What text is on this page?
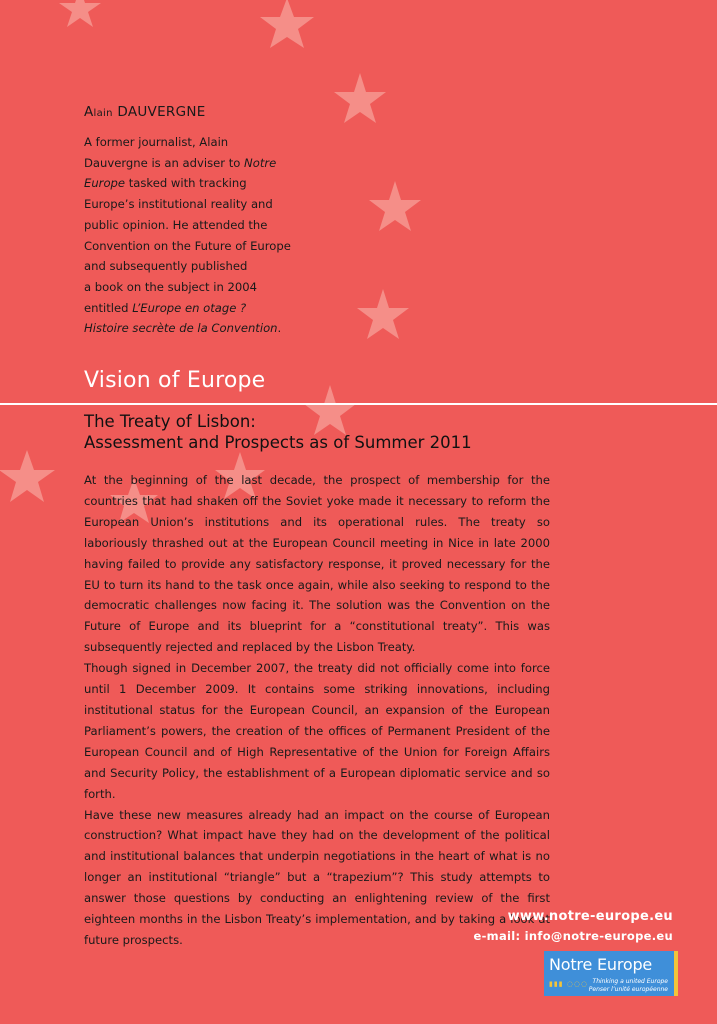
Alain DAUVERGNE

A former journalist, Alain

Dauvergne is an adviser to Notre

Europe tasked with tracking

Europe’s institutional reality and

public opinion. He attended the

Convention on the Future of Europe

and subsequently published

a book on the subject in 2004

entitled L’Europe en otage ?

Histoire secrète de la Convention.

Vision of Europe
The Treaty of Lisbon:
Assessment and Prospects as of Summer 2011

At the beginning of the last decade, the prospect of membership for the countries that had shaken off the Soviet yoke made it necessary to reform the European Union’s institutions and its operational rules. The treaty so laboriously thrashed out at the European Council meeting in Nice in late 2000 having failed to provide any satisfactory response, it proved necessary for the EU to turn its hand to the task once again, while also seeking to respond to the democratic challenges now facing it. The solution was the Convention on the Future of Europe and its blueprint for a “constitutional treaty”. This was subsequently rejected and replaced by the Lisbon Treaty.

Though signed in December 2007, the treaty did not officially come into force until 1 December 2009. It contains some striking innovations, including institutional status for the European Council, an expansion of the European Parliament’s powers, the creation of the offices of Permanent President of the European Council and of High Representative of the Union for Foreign Affairs and Security Policy, the establishment of a European diplomatic service and so forth.

Have these new measures already had an impact on the course of European construction? What impact have they had on the development of the political and institutional balances that underpin negotiations in the heart of what is no longer an institutional “triangle” but a “trapezium”? This study attempts to answer those questions by conducting an enlightening review of the first eighteen months in the Lisbon Treaty’s implementation, and by taking a look at future prospects.

www.notre-europe.eu
e-mail: info@notre-europe.eu
Notre Europe
▮▮▮ ◌◌◌ Thinking a united Europe
Penser l’unité européenne
